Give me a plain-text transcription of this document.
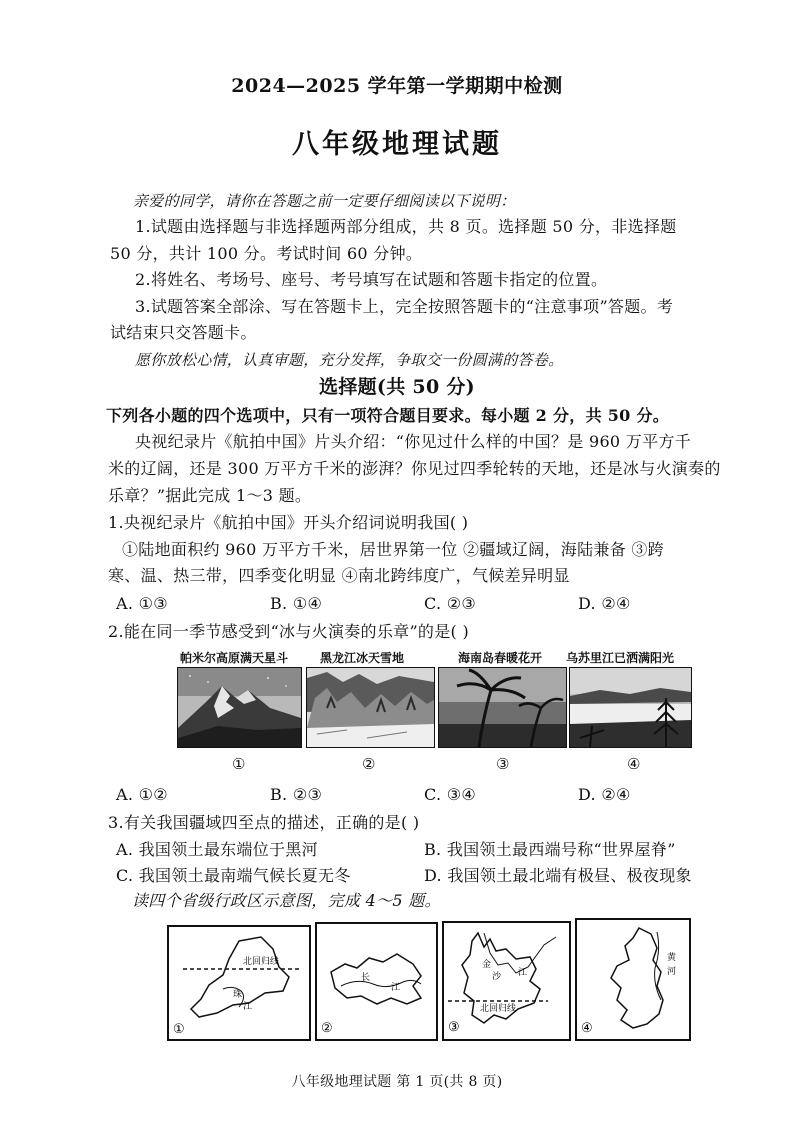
2024—2025 学年第一学期期中检测
八年级地理试题
亲爱的同学，请你在答题之前一定要仔细阅读以下说明：
1.试题由选择题与非选择题两部分组成，共 8 页。选择题 50 分，非选择题
50 分，共计 100 分。考试时间 60 分钟。
2.将姓名、考场号、座号、考号填写在试题和答题卡指定的位置。
3.试题答案全部涂、写在答题卡上，完全按照答题卡的“注意事项”答题。考
试结束只交答题卡。
愿你放松心情，认真审题，充分发挥，争取交一份圆满的答卷。
选择题(共 50 分)
下列各小题的四个选项中，只有一项符合题目要求。每小题 2 分，共 50 分。
央视纪录片《航拍中国》片头介绍：“你见过什么样的中国？是 960 万平方千
米的辽阔，还是 300 万平方千米的澎湃？你见过四季轮转的天地，还是冰与火演奏的
乐章？”据此完成 1～3 题。
1.央视纪录片《航拍中国》开头介绍词说明我国( )
①陆地面积约 960 万平方千米，居世界第一位 ②疆域辽阔，海陆兼备 ③跨
寒、温、热三带，四季变化明显 ④南北跨纬度广，气候差异明显
A. ①③	B. ①④	C. ②③	D. ②④
2.能在同一季节感受到“冰与火演奏的乐章”的是( )
帕米尔高原满天星斗	黑龙江冰天雪地	海南岛春暖花开 乌苏里江已洒满阳光
①	②	③	④
A. ①②	B. ②③	C. ③④	D. ②④
3.有关我国疆域四至点的描述，正确的是( )
A. 我国领土最东端位于黑河	B. 我国领土最西端号称“世界屋脊”
C. 我国领土最南端气候长夏无冬	D. 我国领土最北端有极昼、极夜现象
读四个省级行政区示意图，完成 4～5 题。
北回归线
珠
江
①
长
江
②
金
沙 江
北回归线
③
黄
河
④
八年级地理试题 第 1 页(共 8 页)
